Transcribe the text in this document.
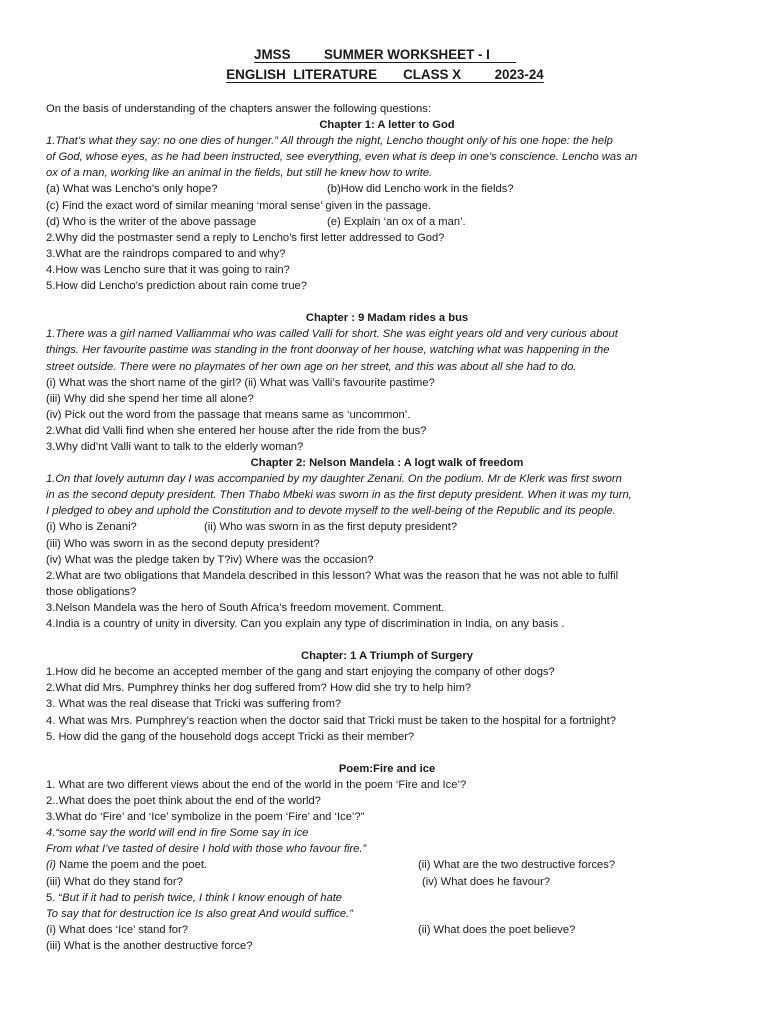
JMSS SUMMER WORKSHEET - I
ENGLISH  LITERATURE CLASS X 2023-24
On the basis of understanding of the chapters answer the following questions:
Chapter 1: A letter to God
1.That’s what they say: no one dies of hunger.” All through the night, Lencho thought only of his one hope: the help
of God, whose eyes, as he had been instructed, see everything, even what is deep in one’s conscience. Lencho was an
ox of a man, working like an animal in the fields, but still he knew how to write.
(a) What was Lencho’s only hope?	(b)How did Lencho work in the fields?
(c) Find the exact word of similar meaning ‘moral sense’ given in the passage.
(d) Who is the writer of the above passage	(e) Explain ‘an ox of a man’.
2.Why did the postmaster send a reply to Lencho’s first letter addressed to God?
3.What are the raindrops compared to and why?
4.How was Lencho sure that it was going to rain?
5.How did Lencho’s prediction about rain come true?
Chapter : 9 Madam rides a bus
1.There was a girl named Valliammai who was called Valli for short. She was eight years old and very curious about
things. Her favourite pastime was standing in the front doorway of her house, watching what was happening in the
street outside. There were no playmates of her own age on her street, and this was about all she had to do.
(i) What was the short name of the girl? (ii) What was Valli’s favourite pastime?
(iii) Why did she spend her time all alone?
(iv) Pick out the word from the passage that means same as ‘uncommon’.
2.What did Valli find when she entered her house after the ride from the bus?
3.Why did’nt Valli want to talk to the elderly woman?
Chapter 2: Nelson Mandela : A logt walk of freedom
1.On that lovely autumn day I was accompanied by my daughter Zenani. On the podium. Mr de Klerk was first sworn
in as the second deputy president. Then Thabo Mbeki was sworn in as the first deputy president. When it was my turn,
I pledged to obey and uphold the Constitution and to devote myself to the well-being of the Republic and its people.
(i) Who is Zenani?	(ii) Who was sworn in as the first deputy president?
(iii) Who was sworn in as the second deputy president?
(iv) What was the pledge taken by T?iv) Where was the occasion?
2.What are two obligations that Mandela described in this lesson? What was the reason that he was not able to fulfil
those obligations?
3.Nelson Mandela was the hero of South Africa’s freedom movement. Comment.
4.India is a country of unity in diversity. Can you explain any type of discrimination in India, on any basis .
Chapter: 1 A Triumph of Surgery
1.How did he become an accepted member of the gang and start enjoying the company of other dogs?
2.What did Mrs. Pumphrey thinks her dog suffered from? How did she try to help him?
3. What was the real disease that Tricki was suffering from?
4. What was Mrs. Pumphrey’s reaction when the doctor said that Tricki must be taken to the hospital for a fortnight?
5. How did the gang of the household dogs accept Tricki as their member?
Poem:Fire and ice
1. What are two different views about the end of the world in the poem ‘Fire and Ice’?
2..What does the poet think about the end of the world?
3.What do ‘Fire’ and ‘Ice’ symbolize in the poem ‘Fire’ and ‘Ice’?”
4.“some say the world will end in fire Some say in ice
From what I’ve tasted of desire I hold with those who favour fire.”
(i) Name the poem and the poet.	(ii) What are the two destructive forces?
(iii) What do they stand for?	(iv) What does he favour?
5. “But if it had to perish twice, I think I know enough of hate
To say that for destruction ice Is also great And would suffice.”
(i) What does ‘Ice’ stand for?	(ii) What does the poet believe?
(iii) What is the another destructive force?
